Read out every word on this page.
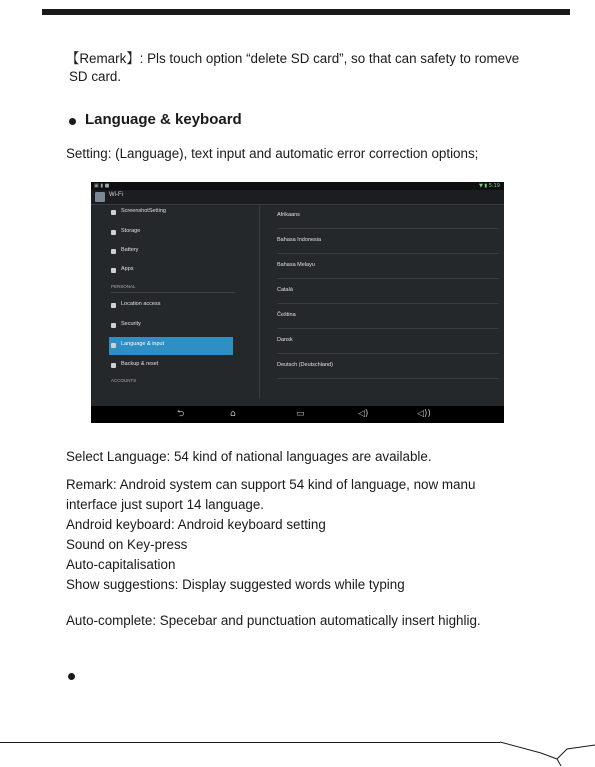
【Remark】: Pls touch option “delete SD card”, so that can safety to romeve
SD card.
Language & keyboard
Setting: (Language), text input and automatic error correction options;
▣ ▮ ■	▼ ▮ 5:19
Wi-Fi
ScreenshotSetting
Storage
Battery
Apps
PERSONAL
Location access
Security
Language & input
Backup & reset
ACCOUNTS
Afrikaans
Bahasa Indonesia
Bahasa Melayu
Català
Čeština
Dansk
Deutsch (Deutschland)
⮌	⌂	▭	◁)	◁))
Select Language: 54 kind of national languages are available.
Remark: Android system can support 54 kind of language, now manu
interface just suport 14 language.
Android keyboard: Android keyboard setting
Sound on Key-press
Auto-capitalisation
Show suggestions: Display suggested words while typing
Auto-complete: Specebar and punctuation automatically insert highlig.
